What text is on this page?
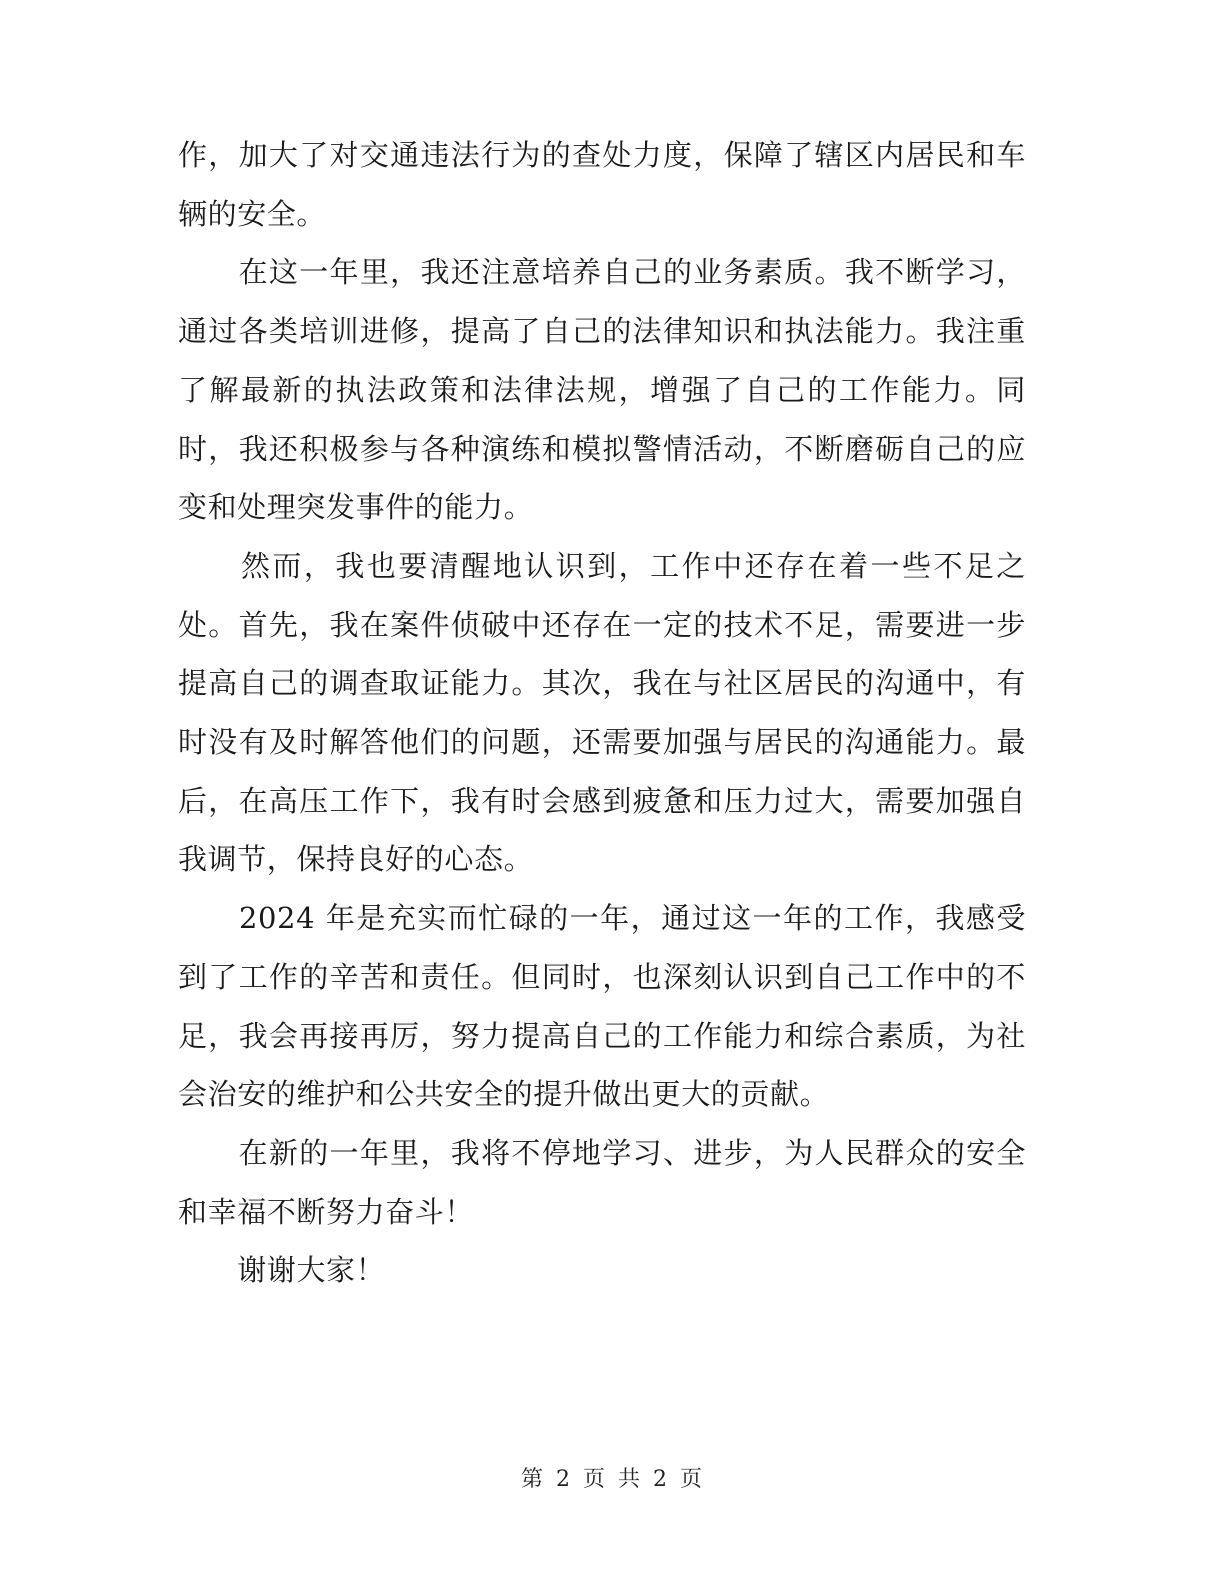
作，加大了对交通违法行为的查处力度，保障了辖区内居民和车辆的安全。

　　在这一年里，我还注意培养自己的业务素质。我不断学习，通过各类培训进修，提高了自己的法律知识和执法能力。我注重了解最新的执法政策和法律法规，增强了自己的工作能力。同时，我还积极参与各种演练和模拟警情活动，不断磨砺自己的应变和处理突发事件的能力。

　　然而，我也要清醒地认识到，工作中还存在着一些不足之处。首先，我在案件侦破中还存在一定的技术不足，需要进一步提高自己的调查取证能力。其次，我在与社区居民的沟通中，有时没有及时解答他们的问题，还需要加强与居民的沟通能力。最后，在高压工作下，我有时会感到疲惫和压力过大，需要加强自我调节，保持良好的心态。

　　2024 年是充实而忙碌的一年，通过这一年的工作，我感受到了工作的辛苦和责任。但同时，也深刻认识到自己工作中的不足，我会再接再厉，努力提高自己的工作能力和综合素质，为社会治安的维护和公共安全的提升做出更大的贡献。

　　在新的一年里，我将不停地学习、进步，为人民群众的安全和幸福不断努力奋斗！

　　谢谢大家！

第 2 页 共 2 页
